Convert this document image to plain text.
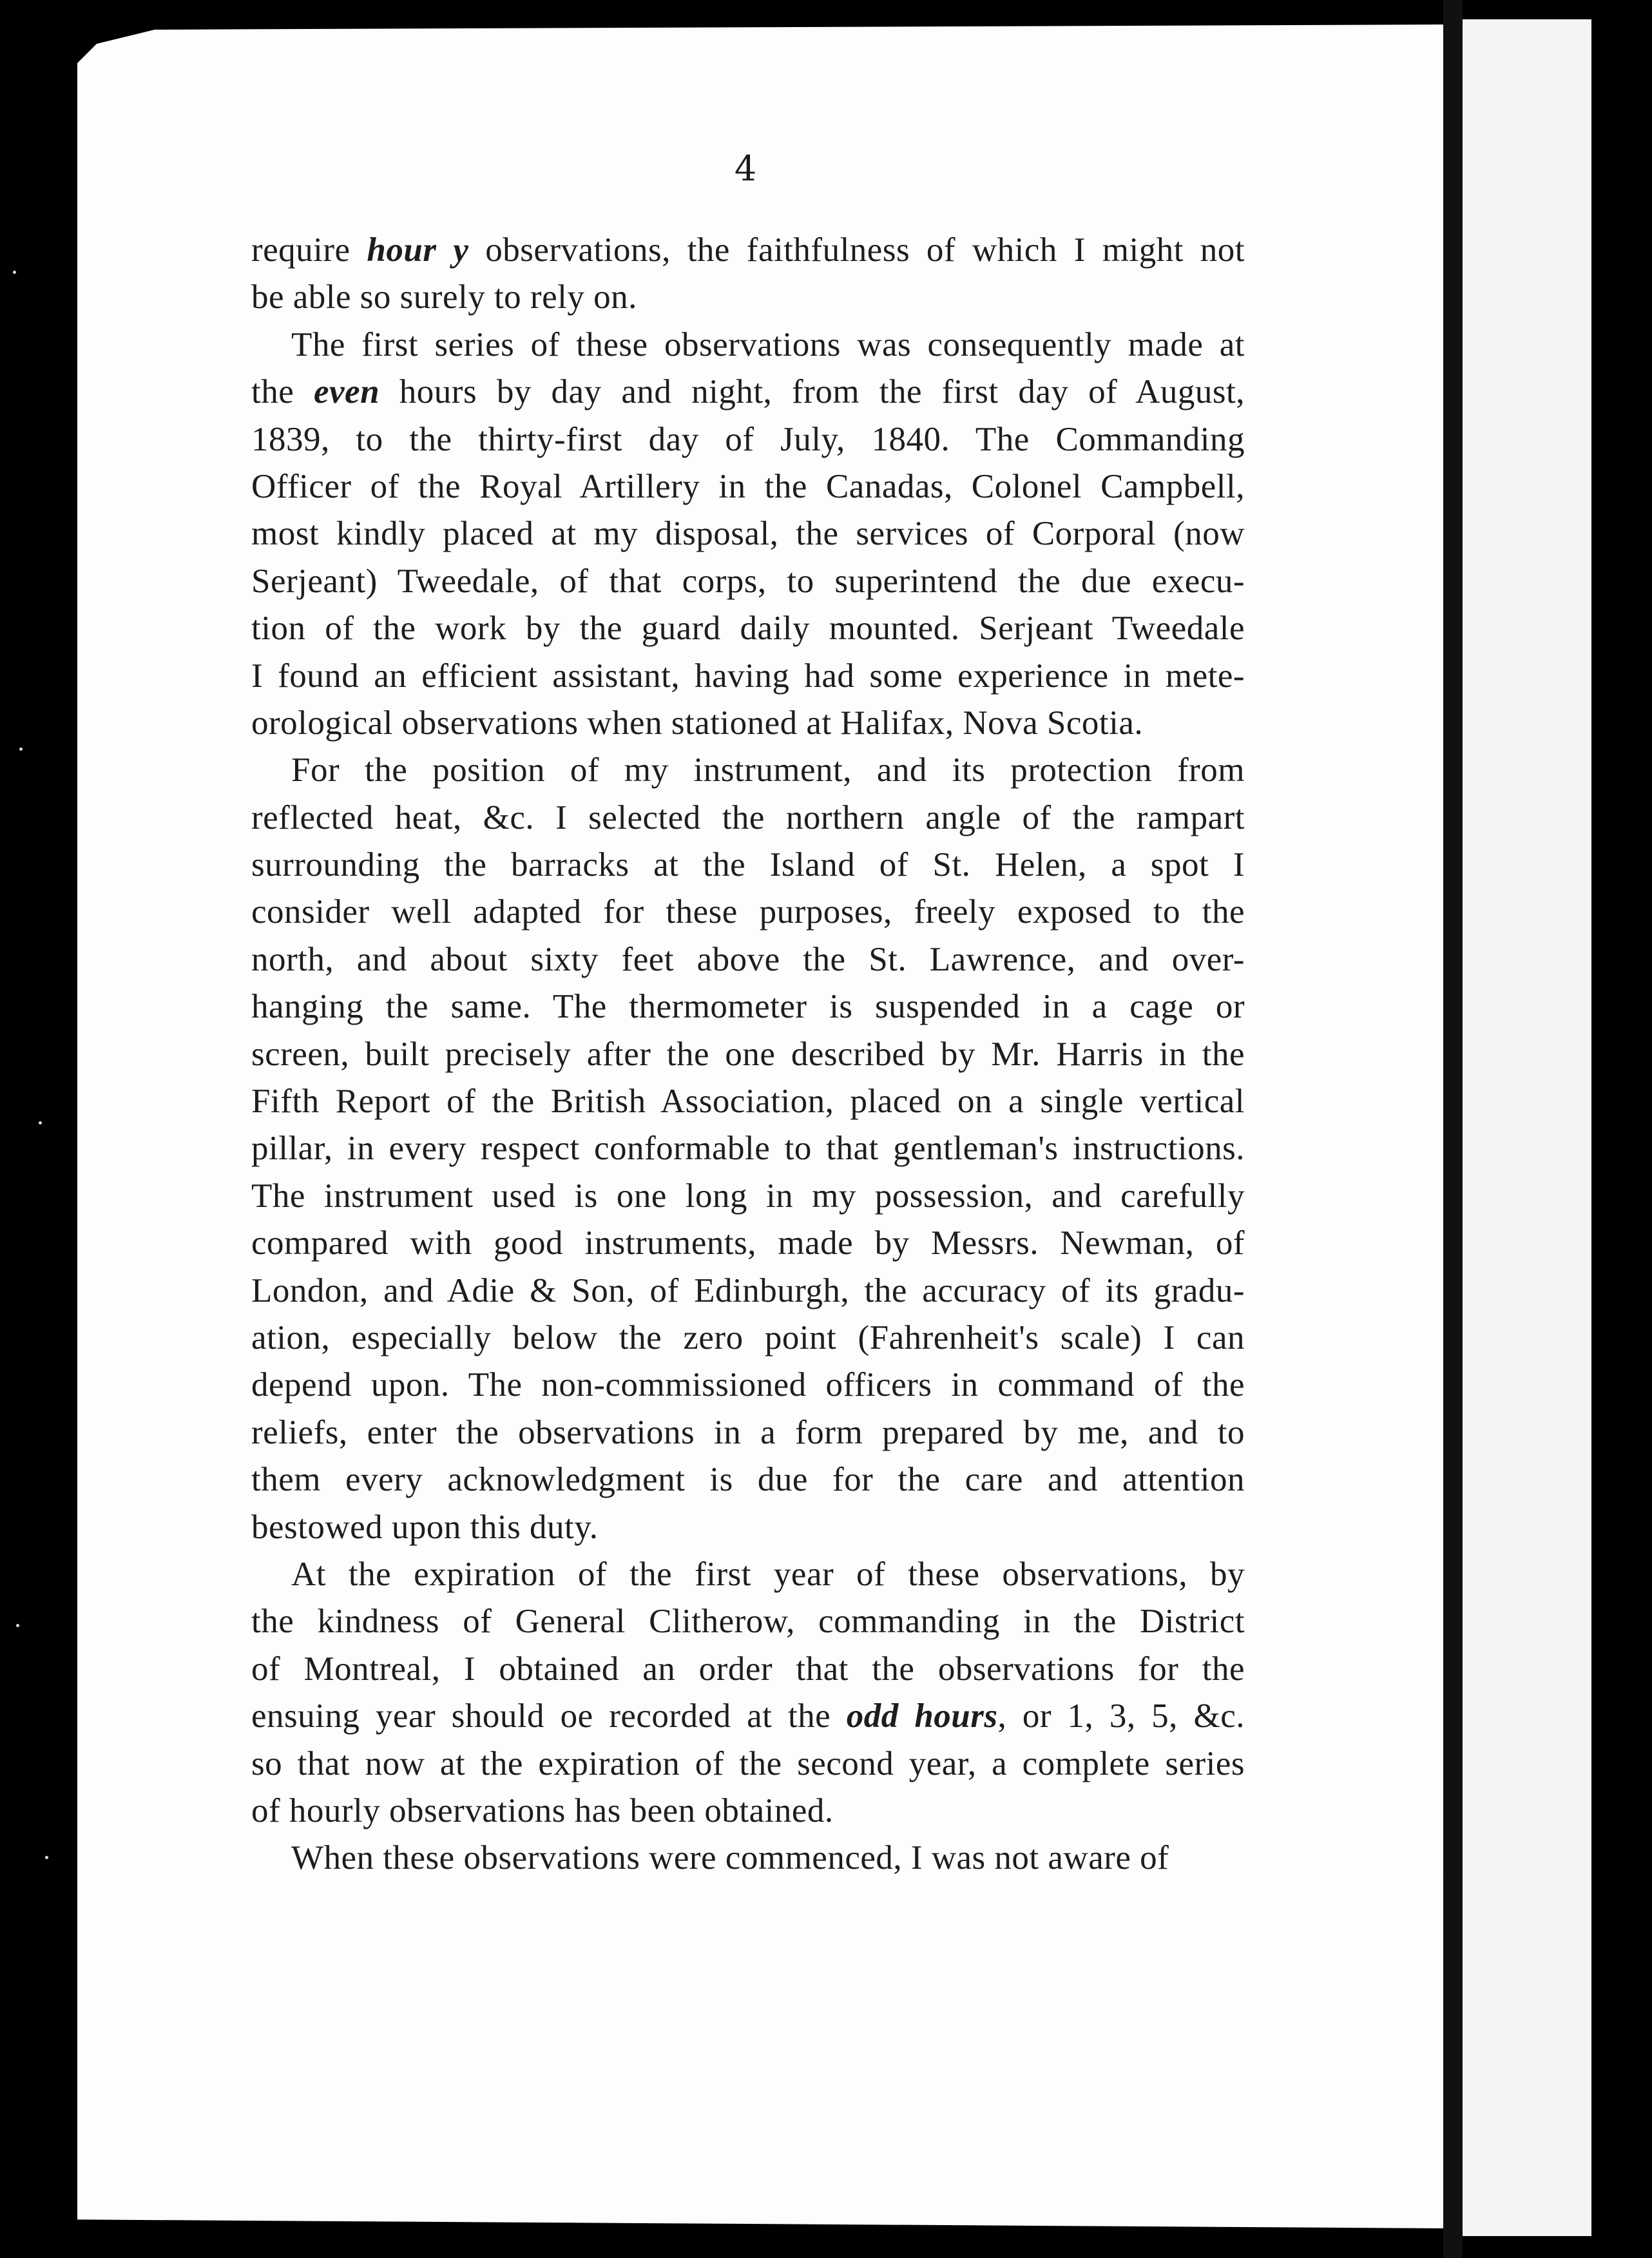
4
require hour y observations, the faithfulness of which I might not
be able so surely to rely on.
The first series of these observations was consequently made at
the even hours by day and night, from the first day of August,
1839, to the thirty-first day of July, 1840. The Commanding
Officer of the Royal Artillery in the Canadas, Colonel Campbell,
most kindly placed at my disposal, the services of Corporal (now
Serjeant) Tweedale, of that corps, to superintend the due execu-
tion of the work by the guard daily mounted. Serjeant Tweedale
I found an efficient assistant, having had some experience in mete-
orological observations when stationed at Halifax, Nova Scotia.
For the position of my instrument, and its protection from
reflected heat, &c. I selected the northern angle of the rampart
surrounding the barracks at the Island of St. Helen, a spot I
consider well adapted for these purposes, freely exposed to the
north, and about sixty feet above the St. Lawrence, and over-
hanging the same. The thermometer is suspended in a cage or
screen, built precisely after the one described by Mr. Harris in the
Fifth Report of the British Association, placed on a single vertical
pillar, in every respect conformable to that gentleman's instructions.
The instrument used is one long in my possession, and carefully
compared with good instruments, made by Messrs. Newman, of
London, and Adie & Son, of Edinburgh, the accuracy of its gradu-
ation, especially below the zero point (Fahrenheit's scale) I can
depend upon. The non-commissioned officers in command of the
reliefs, enter the observations in a form prepared by me, and to
them every acknowledgment is due for the care and attention
bestowed upon this duty.
At the expiration of the first year of these observations, by
the kindness of General Clitherow, commanding in the District
of Montreal, I obtained an order that the observations for the
ensuing year should oe recorded at the odd hours, or 1, 3, 5, &c.
so that now at the expiration of the second year, a complete series
of hourly observations has been obtained.
When these observations were commenced, I was not aware of
